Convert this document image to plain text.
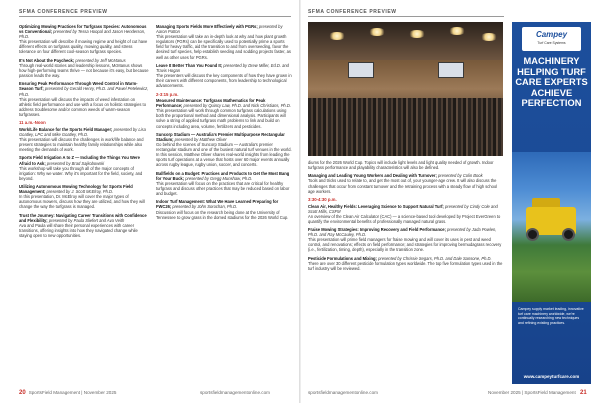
SFMA CONFERENCE PREVIEW	SFMA CONFERENCE PREVIEW
Optimizing Mowing Practices for Turfgrass Species: Autonomous vs Conventional; presented by Tessa Hoopal and Jason Henderson, Ph.D.
This presentation will describe if mowing regime and height of cut have different effects on turfgrass quality, mowing quality, and stress tolerance on four different cool-season turfgrass species.
It's Not About the Paycheck; presented by Jeff McManus
Through real-world stories and leadership lessons, McManus shows how high-performing teams thrive — not because it's easy, but because passion leads the way.
Ensuring Peak Performance Through Weed Control in Warm-Season Turf; presented by Gerald Henry, Ph.D. and Pawel Petelewicz, Ph.D.
This presentation will discuss the impacts of weed infestation on athletic field performance and use with a focus on holistic strategies to address troublesome and/or common weeds of warm-season turfgrasses.
11 a.m.-Noon
Work/Life Balance for the Sports Field Manager; presented by Lisa Goatley, LPC and Mike Goatley, Ph.D.
This presentation will discuss the challenges in work/life balance and present strategies to maintain healthy family relationships while also meeting the demands of work.
Sports Field Irrigation A to Z — Including the Things You Were Afraid to Ask; presented by Brad Sajkobowski
This workshop will take you through all of the major concepts of irrigation: Why we water. Why it's important for the field, society, and beyond.
Utilizing Autonomous Mowing Technology for Sports Field Management; presented by J. Scott McElroy, Ph.D.
In this presentation, Dr. McElroy will cover the major types of autonomous mowers, discuss how they are utilized, and how they will change the way the turfgrass is managed.
Trust the Journey: Navigating Career Transitions with Confidence and Flexibility; presented by Paula Sliefert and Ava Veith
Ava and Paula will share their personal experiences with career transitions, offering insights into how they navigated change while staying open to new opportunities.
Managing Sports Fields More Effectively with PGRs; presented by Aaron Patton
This presentation will take an in-depth look at why and how plant growth regulators (PGRs) can be specifically used to potentially prime a sports field for heavy traffic, aid the transition to and from overseeding, favor the desired turf species, help establish seeding and sodding projects faster, as well as other uses for PGRs.
Leave It Better Than You Found It; presented by Drew Miller, Ed.D. and Travis Hogan
The presenters will discuss the key components of how they have grown in their careers with different components, from leadership to technological advancements.
2-3:15 p.m.
Measured Maintenance: Turfgrass Mathematics for Peak Performance; presented by Quincy Law, Ph.D. and Nick Christians, Ph.D.
This presentation will work through common turfgrass calculations using both the proportional method and dimensional analysis. Participants will solve a string of applied turfgrass math problems to link and build on concepts including area, volume, fertilizers and pesticides.
Suncorp Stadium — Australia's Premier Multipurpose Rectangular Stadium; presented by Matthew Oliver
Go behind the scenes of Suncorp Stadium — Australia's premier rectangular stadium and one of the busiest natural turf venues in the world. In this session, Matthew Oliver shares real-world insights from leading the sports turf operations at a venue that hosts over 60 major events annually across rugby league, rugby union, soccer, and concerts.
Ballfields on a Budget: Practices and Products to Get the Most Bang for Your Buck; presented by Gregg Munshaw, Ph.D.
This presentation will focus on the practices that are critical for healthy turfgrass and discuss other practices that may be reduced based on labor and budget.
Indoor Turf Management: What We Have Learned Preparing for FWC26; presented by John Sorochan, Ph.D.
Discussion will focus on the research being done at the University of Tennessee to grow grass in the domed stadiums for the 2026 World Cup.
diums for the 2026 World Cup. Topics will include light levels and light quality needed of growth. Indoor turfgrass performance and playability characteristics will also be defined.
Managing and Leading Young Workers and Dealing with Turnover; presented by Colin Book
Tools and tricks used to relate to, and get the most out of, your younger-age crew. It will also discuss the challenges that occur from constant turnover and the retraining process with a steady flow of high school age workers.
3:30-4:30 p.m.
Clean Air, Healthy Fields: Leveraging Science to Support Natural Turf; presented by Cindy Cole and Scott Mills, CSFM
An overview of the Clean Air Calculator (CAC) — a science-based tool developed by Project EverGreen to quantify the environmental benefits of professionally managed natural grass.
Fraise Mowing Strategies: Improving Recovery and Field Performance; presented by Jada Powlen, Ph.D. and Ray McCauley, Ph.D.
This presentation will prime field managers for fraise mowing and will cover its uses in pest and weed control, and renovations; effects on field performance; and strategies for improving bermudagrass recovery (i.e., fertilization, timing, depth), especially in the transition zone.
Pesticide Formulations and Mixing; presented by Chrissie Segars, Ph.D. and Dale Sansone, Ph.D.
There are over 30 different pesticide formulation types worldwide. The top five formulation types used in the turf industry will be reviewed.
Campey
Turf Care Systems
MACHINERY HELPING TURF CARE EXPERTS ACHIEVE PERFECTION
Campey supply market leading, innovative turf care machinery worldwide, we're continually researching new techniques and refining existing practices.
www.campeyturfcare.com
20 SportsField Management | November 2025	sportsfieldmanagementonline.com	sportsfieldmanagementonline.com	November 2025 | SportsField Management 21
